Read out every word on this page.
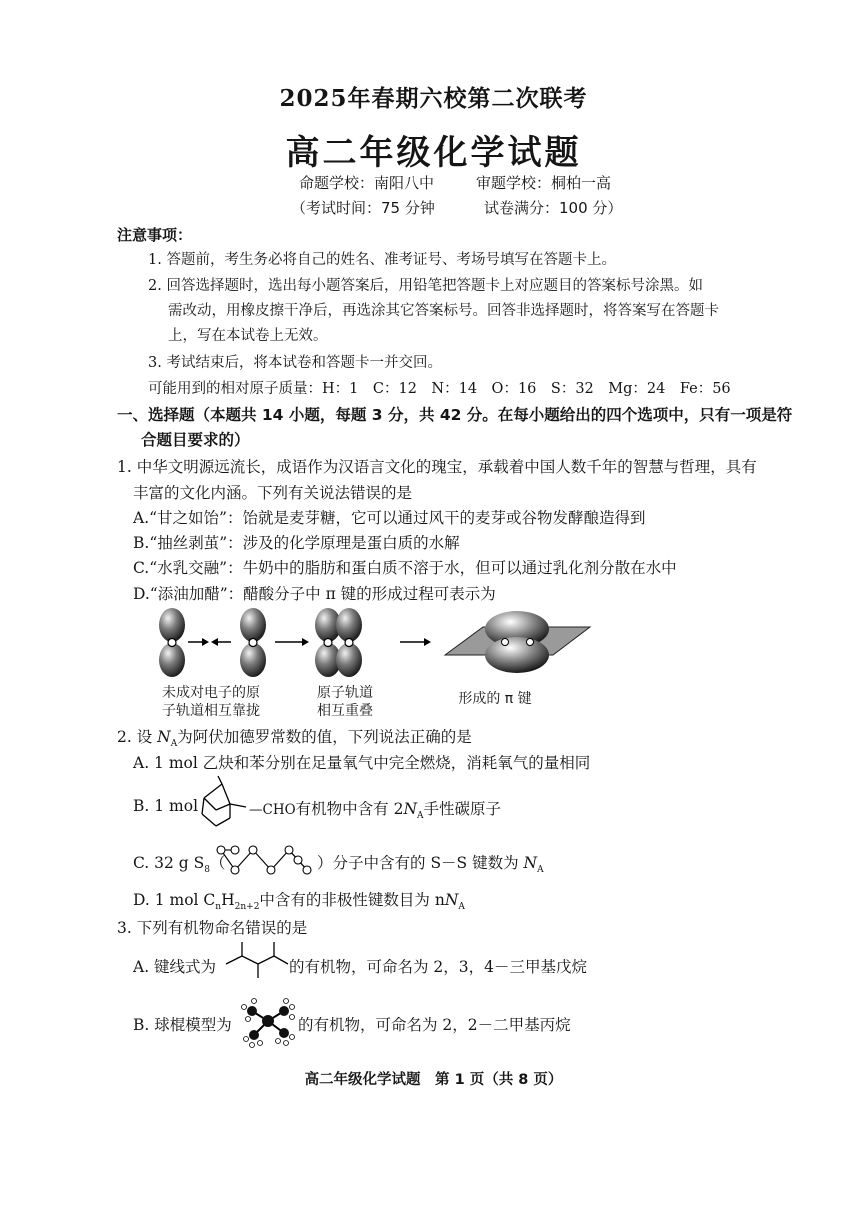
2025年春期六校第二次联考
高二年级化学试题
命题学校：南阳八中	审题学校：桐柏一高
（考试时间：75 分钟	试卷满分：100 分）
注意事项：
1. 答题前，考生务必将自己的姓名、准考证号、考场号填写在答题卡上。
2. 回答选择题时，选出每小题答案后，用铅笔把答题卡上对应题目的答案标号涂黑。如
需改动，用橡皮擦干净后，再选涂其它答案标号。回答非选择题时，将答案写在答题卡
上，写在本试卷上无效。
3. 考试结束后，将本试卷和答题卡一并交回。
可能用到的相对原子质量：H：1　C：12　N：14　O：16　S：32　Mg：24　Fe：56
一、选择题（本题共 14 小题，每题 3 分，共 42 分。在每小题给出的四个选项中，只有一项是符
合题目要求的）
1. 中华文明源远流长，成语作为汉语言文化的瑰宝，承载着中国人数千年的智慧与哲理，具有
丰富的文化内涵。下列有关说法错误的是
A.“甘之如饴”：饴就是麦芽糖，它可以通过风干的麦芽或谷物发酵酿造得到
B.“抽丝剥茧”：涉及的化学原理是蛋白质的水解
C.“水乳交融”：牛奶中的脂肪和蛋白质不溶于水，但可以通过乳化剂分散在水中
D.“添油加醋”：醋酸分子中 π 键的形成过程可表示为
未成对电子的原
子轨道相互靠拢
原子轨道
相互重叠
形成的 π 键
2. 设 $N_A$为阿伏加德罗常数的值，下列说法正确的是
A. 1 mol 乙炔和苯分别在足量氧气中完全燃烧，消耗氧气的量相同
B. 1 mol	—CHO有机物中含有 $2N_A$手性碳原子
C. 32 g $S_8$（	）分子中含有的 S－S 键数为 $N_A$
D. 1 mol $C_nH_{2n+2}$中含有的非极性键数目为 $nN_A$
3. 下列有机物命名错误的是
A. 键线式为	的有机物，可命名为 2，3，4－三甲基戊烷
B. 球棍模型为	的有机物，可命名为 2，2－二甲基丙烷
高二年级化学试题　第 1 页（共 8 页）
